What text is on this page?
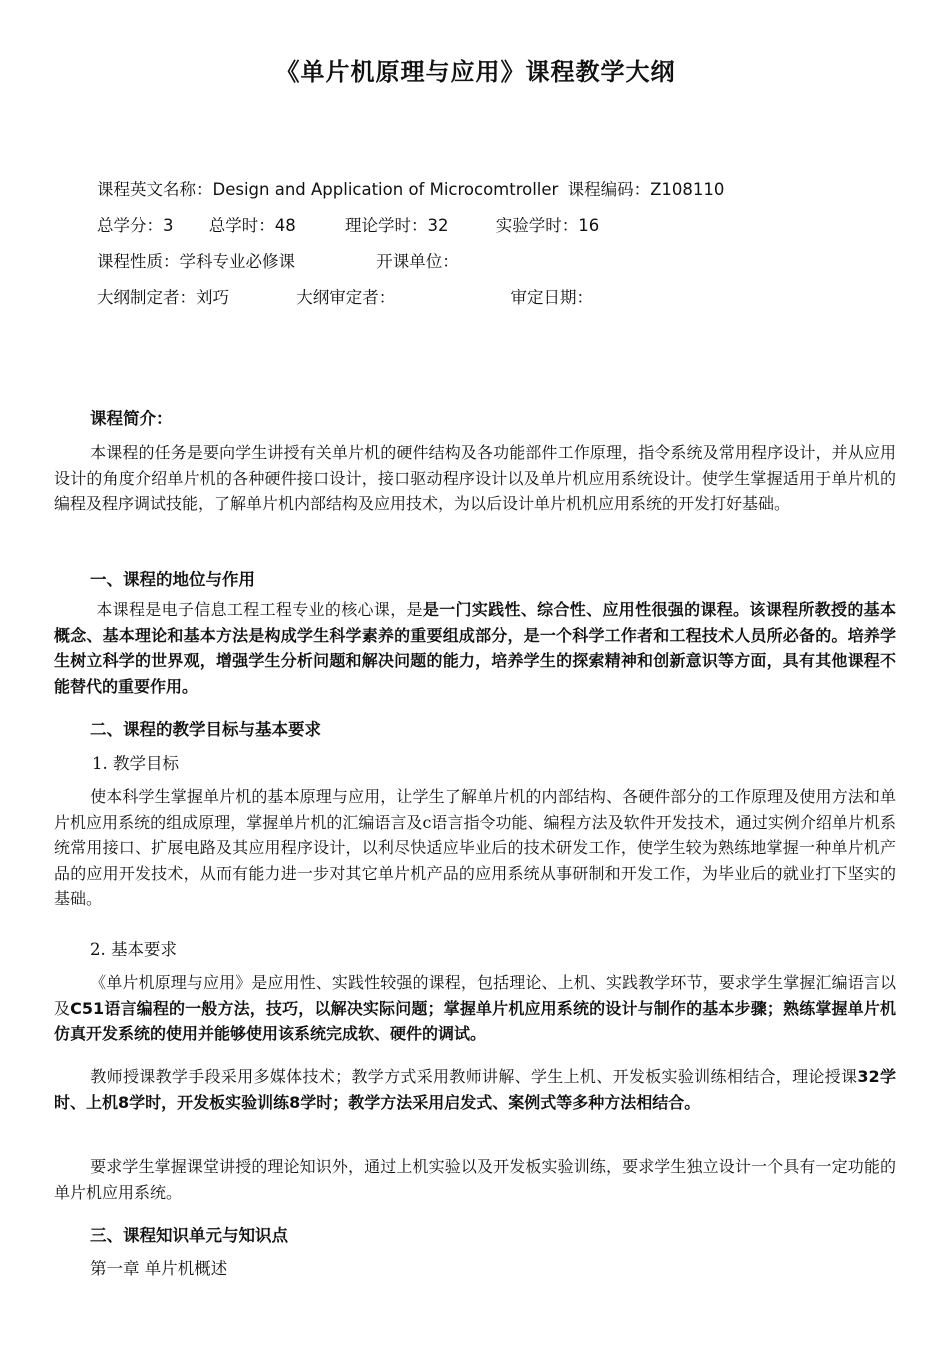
《单片机原理与应用》课程教学大纲
课程英文名称：Design and Application of Microcomtroller 课程编码：Z108110
总学分：3 总学时：48	理论学时：32	实验学时：16
课程性质：学科专业必修课	开课单位：
大纲制定者：刘巧	大纲审定者：	审定日期：
课程简介：

本课程的任务是要向学生讲授有关单片机的硬件结构及各功能部件工作原理，指令系统及常用程序设计，并从应用设计的角度介绍单片机的各种硬件接口设计，接口驱动程序设计以及单片机应用系统设计。使学生掌握适用于单片机的编程及程序调试技能，了解单片机内部结构及应用技术，为以后设计单片机机应用系统的开发打好基础。

一、课程的地位与作用

本课程是电子信息工程工程专业的核心课，是是一门实践性、综合性、应用性很强的课程。该课程所教授的基本概念、基本理论和基本方法是构成学生科学素养的重要组成部分，是一个科学工作者和工程技术人员所必备的。培养学生树立科学的世界观，增强学生分析问题和解决问题的能力，培养学生的探索精神和创新意识等方面，具有其他课程不能替代的重要作用。

二、课程的教学目标与基本要求
1. 教学目标

使本科学生掌握单片机的基本原理与应用，让学生了解单片机的内部结构、各硬件部分的工作原理及使用方法和单片机应用系统的组成原理，掌握单片机的汇编语言及c语言指令功能、编程方法及软件开发技术，通过实例介绍单片机系统常用接口、扩展电路及其应用程序设计，以利尽快适应毕业后的技术研发工作，使学生较为熟练地掌握一种单片机产品的应用开发技术，从而有能力进一步对其它单片机产品的应用系统从事研制和开发工作，为毕业后的就业打下坚实的基础。

2. 基本要求

《单片机原理与应用》是应用性、实践性较强的课程，包括理论、上机、实践教学环节，要求学生掌握汇编语言以及C51语言编程的一般方法，技巧，以解决实际问题；掌握单片机应用系统的设计与制作的基本步骤；熟练掌握单片机仿真开发系统的使用并能够使用该系统完成软、硬件的调试。

教师授课教学手段采用多媒体技术；教学方式采用教师讲解、学生上机、开发板实验训练相结合，理论授课32学时、上机8学时，开发板实验训练8学时；教学方法采用启发式、案例式等多种方法相结合。

要求学生掌握课堂讲授的理论知识外，通过上机实验以及开发板实验训练，要求学生独立设计一个具有一定功能的单片机应用系统。

三、课程知识单元与知识点
第一章 单片机概述
